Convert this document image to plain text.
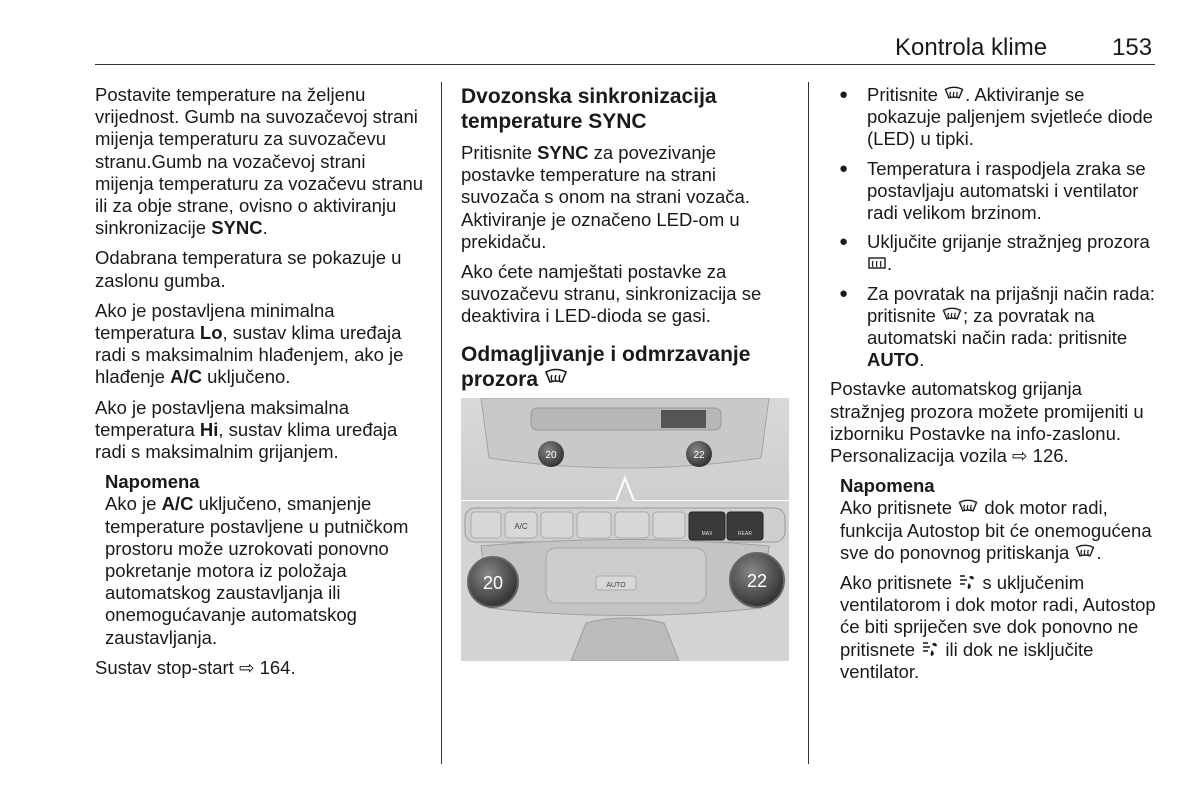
Kontrola klime	153

Postavite temperature na željenu vrijednost. Gumb na suvozačevoj strani mijenja temperaturu za suvozačevu stranu.Gumb na vozačevoj strani mijenja temperaturu za vozačevu stranu ili za obje strane, ovisno o aktiviranju sinkronizacije SYNC.

Odabrana temperatura se pokazuje u zaslonu gumba.

Ako je postavljena minimalna temperatura Lo, sustav klima uređaja radi s maksimalnim hlađenjem, ako je hlađenje A/C uključeno.

Ako je postavljena maksimalna temperatura Hi, sustav klima uređaja radi s maksimalnim grijanjem.

Napomena
Ako je A/C uključeno, smanjenje temperature postavljene u putničkom prostoru može uzrokovati ponovno pokretanje motora iz položaja automatskog zaustavljanja ili onemogućavanje automatskog zaustavljanja.

Sustav stop-start ⇨ 164.

Dvozonska sinkronizacija temperature SYNC

Pritisnite SYNC za povezivanje postavke temperature na strani suvozača s onom na strani vozača. Aktiviranje je označeno LED-om u prekidaču.

Ako ćete namještati postavke za suvozačevu stranu, sinkronizacija se deaktivira i LED-dioda se gasi.

Odmagljivanje i odmrzavanje prozora
20	22
A/C
MAX	REAR
AUTO
20	22
● Pritisnite . Aktiviranje se pokazuje paljenjem svjetleće diode (LED) u tipki.
● Temperatura i raspodjela zraka se postavljaju automatski i ventilator radi velikom brzinom.
● Uključite grijanje stražnjeg prozora .
● Za povratak na prijašnji način rada: pritisnite ; za povratak na automatski način rada: pritisnite AUTO.

Postavke automatskog grijanja stražnjeg prozora možete promijeniti u izborniku Postavke na info-zaslonu. Personalizacija vozila ⇨ 126.

Napomena

Ako pritisnete  dok motor radi, funkcija Autostop bit će onemogućena sve do ponovnog pritiskanja .

Ako pritisnete  s uključenim ventilatorom i dok motor radi, Autostop će biti spriječen sve dok ponovno ne pritisnete  ili dok ne isključite ventilator.
